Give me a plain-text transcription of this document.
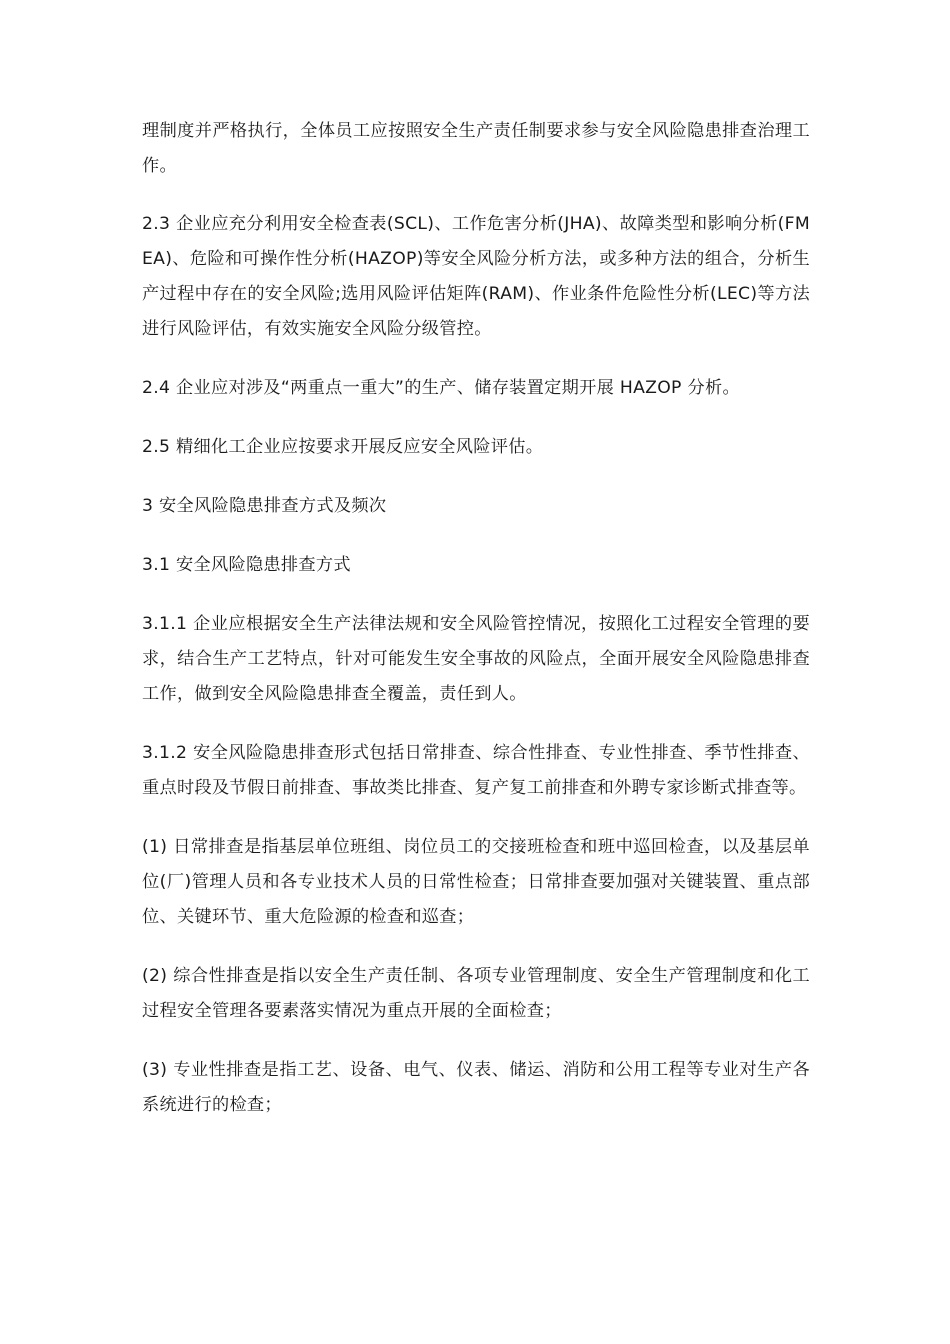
理制度并严格执行，全体员工应按照安全生产责任制要求参与安全风险隐患排查治理工作。

2.3 企业应充分利用安全检查表(SCL)、工作危害分析(JHA)、故障类型和影响分析(FMEA)、危险和可操作性分析(HAZOP)等安全风险分析方法，或多种方法的组合，分析生产过程中存在的安全风险;选用风险评估矩阵(RAM)、作业条件危险性分析(LEC)等方法进行风险评估，有效实施安全风险分级管控。

2.4 企业应对涉及“两重点一重大”的生产、储存装置定期开展 HAZOP 分析。

2.5 精细化工企业应按要求开展反应安全风险评估。

3 安全风险隐患排查方式及频次

3.1 安全风险隐患排查方式

3.1.1 企业应根据安全生产法律法规和安全风险管控情况，按照化工过程安全管理的要求，结合生产工艺特点，针对可能发生安全事故的风险点，全面开展安全风险隐患排查工作，做到安全风险隐患排查全覆盖，责任到人。

3.1.2 安全风险隐患排查形式包括日常排查、综合性排查、专业性排查、季节性排查、重点时段及节假日前排查、事故类比排查、复产复工前排查和外聘专家诊断式排查等。

(1) 日常排查是指基层单位班组、岗位员工的交接班检查和班中巡回检查，以及基层单位(厂)管理人员和各专业技术人员的日常性检查；日常排查要加强对关键装置、重点部位、关键环节、重大危险源的检查和巡查；

(2) 综合性排查是指以安全生产责任制、各项专业管理制度、安全生产管理制度和化工过程安全管理各要素落实情况为重点开展的全面检查；

(3) 专业性排查是指工艺、设备、电气、仪表、储运、消防和公用工程等专业对生产各系统进行的检查；
